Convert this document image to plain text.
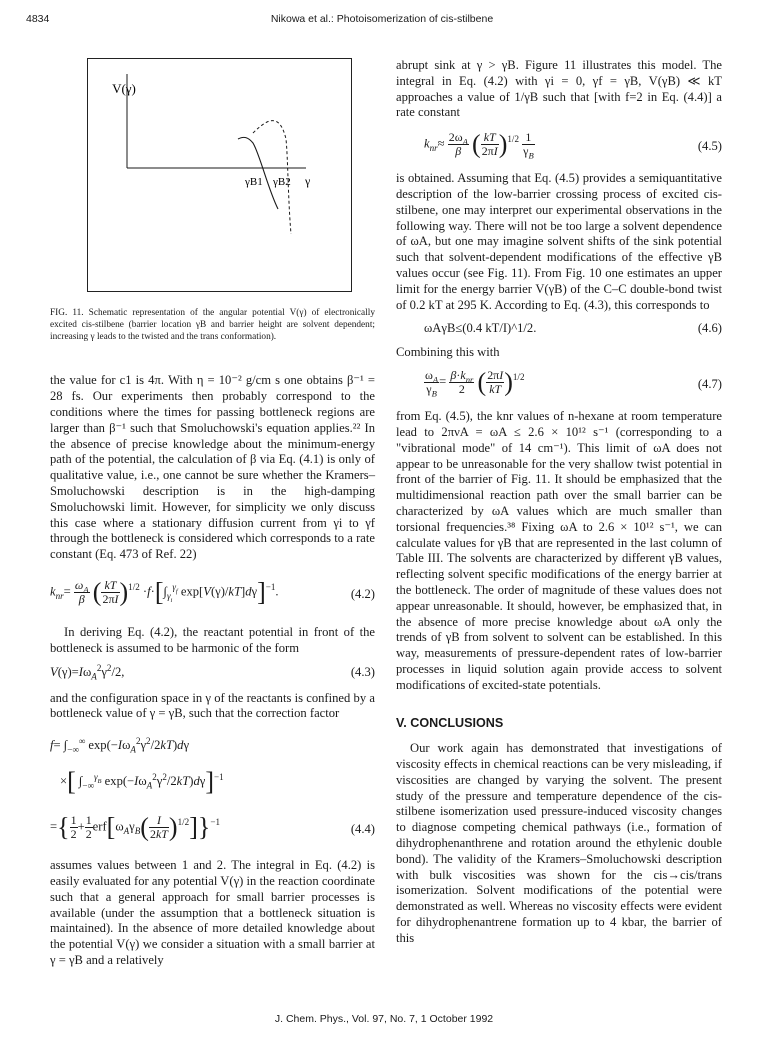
4834	Nikowa et al.: Photoisomerization of cis-stilbene
V(γ)
γB1 γB2 γ

FIG. 11. Schematic representation of the angular potential V(γ) of electronically excited cis-stilbene (barrier location γB and barrier height are solvent dependent; increasing γ leads to the twisted and the trans conformation).

the value for c1 is 4π. With η = 10⁻² g/cm s one obtains β⁻¹ = 28 fs. Our experiments then probably correspond to the conditions where the times for passing bottleneck regions are larger than β⁻¹ such that Smoluchowski's equation applies.²² In the absence of precise knowledge about the minimum-energy path of the potential, the calculation of β via Eq. (4.1) is only of qualitative value, i.e., one cannot be sure whether the Kramers–Smoluchowski description is in the high-damping Smoluchowski limit. However, for simplicity we only discuss this case where a stationary diffusion current from γi to γf through the bottleneck is considered which corresponds to a rate constant (Eq. 473 of Ref. 22)

$k_{nr}= \frac{\omega_A}{\beta}$ ( $\frac{kT}{2\pi I} )^{1/2} \cdot f\cdot[\int_{\gamma_i}^{\gamma_f}$ exp[V(γ)/kT]dγ]$^{-1}$.	(4.2)

In deriving Eq. (4.2), the reactant potential in front of the bottleneck is assumed to be harmonic of the form

$V(\gamma)=I\omega_A^2\gamma^2/2$,	(4.3)

and the configuration space in γ of the reactants is confined by a bottleneck value of γ = γB, such that the correction factor

$f= \int_{-\infty}^\infty$ $\exp(-I\omega_A^2\gamma^2/2kT)d\gamma$
×[ $\int_{-\infty}^{\gamma_B}$ $\exp(-I\omega_A^2\gamma^2/2kT)d\gamma]^{-1}$
={ $\frac{1}{2} + \frac{1}{2} erf[\omega_A\gamma_B( \frac{I}{2kT} )^{1/2}]\}^{-1}$	(4.4)

assumes values between 1 and 2. The integral in Eq. (4.2) is easily evaluated for any potential V(γ) in the reaction coordinate such that a general approach for small barrier processes is available (under the assumption that a bottleneck situation is maintained). In the absence of more detailed knowledge about the potential V(γ) we consider a situation with a small barrier at γ = γB and a relatively

abrupt sink at γ > γB. Figure 11 illustrates this model. The integral in Eq. (4.2) with γi = 0, γf = γB, V(γB) ≪ kT approaches a value of 1/γB such that [with f=2 in Eq. (4.4)] a rate constant

$k_{nr}\approx \frac{2\omega_A}{\beta}$ ( $\frac{kT}{2\pi I} )^{1/2} \frac{1}{\gamma_B}$	(4.5)

is obtained. Assuming that Eq. (4.5) provides a semiquantitative description of the low-barrier crossing process of excited cis-stilbene, one may interpret our experimental observations in the following way. There will not be too large a solvent dependence of ωA, but one may imagine solvent shifts of the sink potential such that solvent-dependent modifications of the effective γB values occur (see Fig. 11). From Fig. 10 one estimates an upper limit for the energy barrier V(γB) of the C–C double-bond twist of 0.2 kT at 295 K. According to Eq. (4.3), this corresponds to

ωAγB≤(0.4 kT/I)^1/2.	(4.6)

Combining this with

$\frac{\omega_A}{\gamma_B} = \frac{\beta\cdot k_{nr}}{2}$ ( $\frac{2\pi I}{kT} )^{1/2}$	(4.7)

from Eq. (4.5), the knr values of n-hexane at room temperature lead to 2πνA = ωA ≤ 2.6 × 10¹² s⁻¹ (corresponding to a "vibrational mode" of 14 cm⁻¹). This limit of ωA does not appear to be unreasonable for the very shallow twist potential in front of the barrier of Fig. 11. It should be emphasized that the multidimensional reaction path over the small barrier can be characterized by ωA values which are much smaller than torsional frequencies.³⁸ Fixing ωA to 2.6 × 10¹² s⁻¹, we can calculate values for γB that are represented in the last column of Table III. The solvents are characterized by different γB values, reflecting solvent specific modifications of the energy barrier at the bottleneck. The order of magnitude of these values does not appear unreasonable. It should, however, be emphasized that, in the absence of more precise knowledge about ωA only the trends of γB from solvent to solvent can be established. In this way, measurements of pressure-dependent rates of low-barrier processes in liquid solution again provide access to solvent modifications of excited-state potentials.

V. CONCLUSIONS

Our work again has demonstrated that investigations of viscosity effects in chemical reactions can be very misleading, if viscosities are changed by varying the solvent. The present study of the pressure and temperature dependence of the cis-stilbene isomerization used pressure-induced viscosity changes to diagnose competing chemical pathways (i.e., formation of dihydrophenanthrene and rotation around the ethylenic double bond). The validity of the Kramers–Smoluchowski description with bulk viscosities was shown for the cis→cis/trans isomerization. Solvent modifications of the potential were demonstrated as well. Whereas no viscosity effects were evident for dihydrophenantrene formation up to 4 kbar, the barrier of this

J. Chem. Phys., Vol. 97, No. 7, 1 October 1992
